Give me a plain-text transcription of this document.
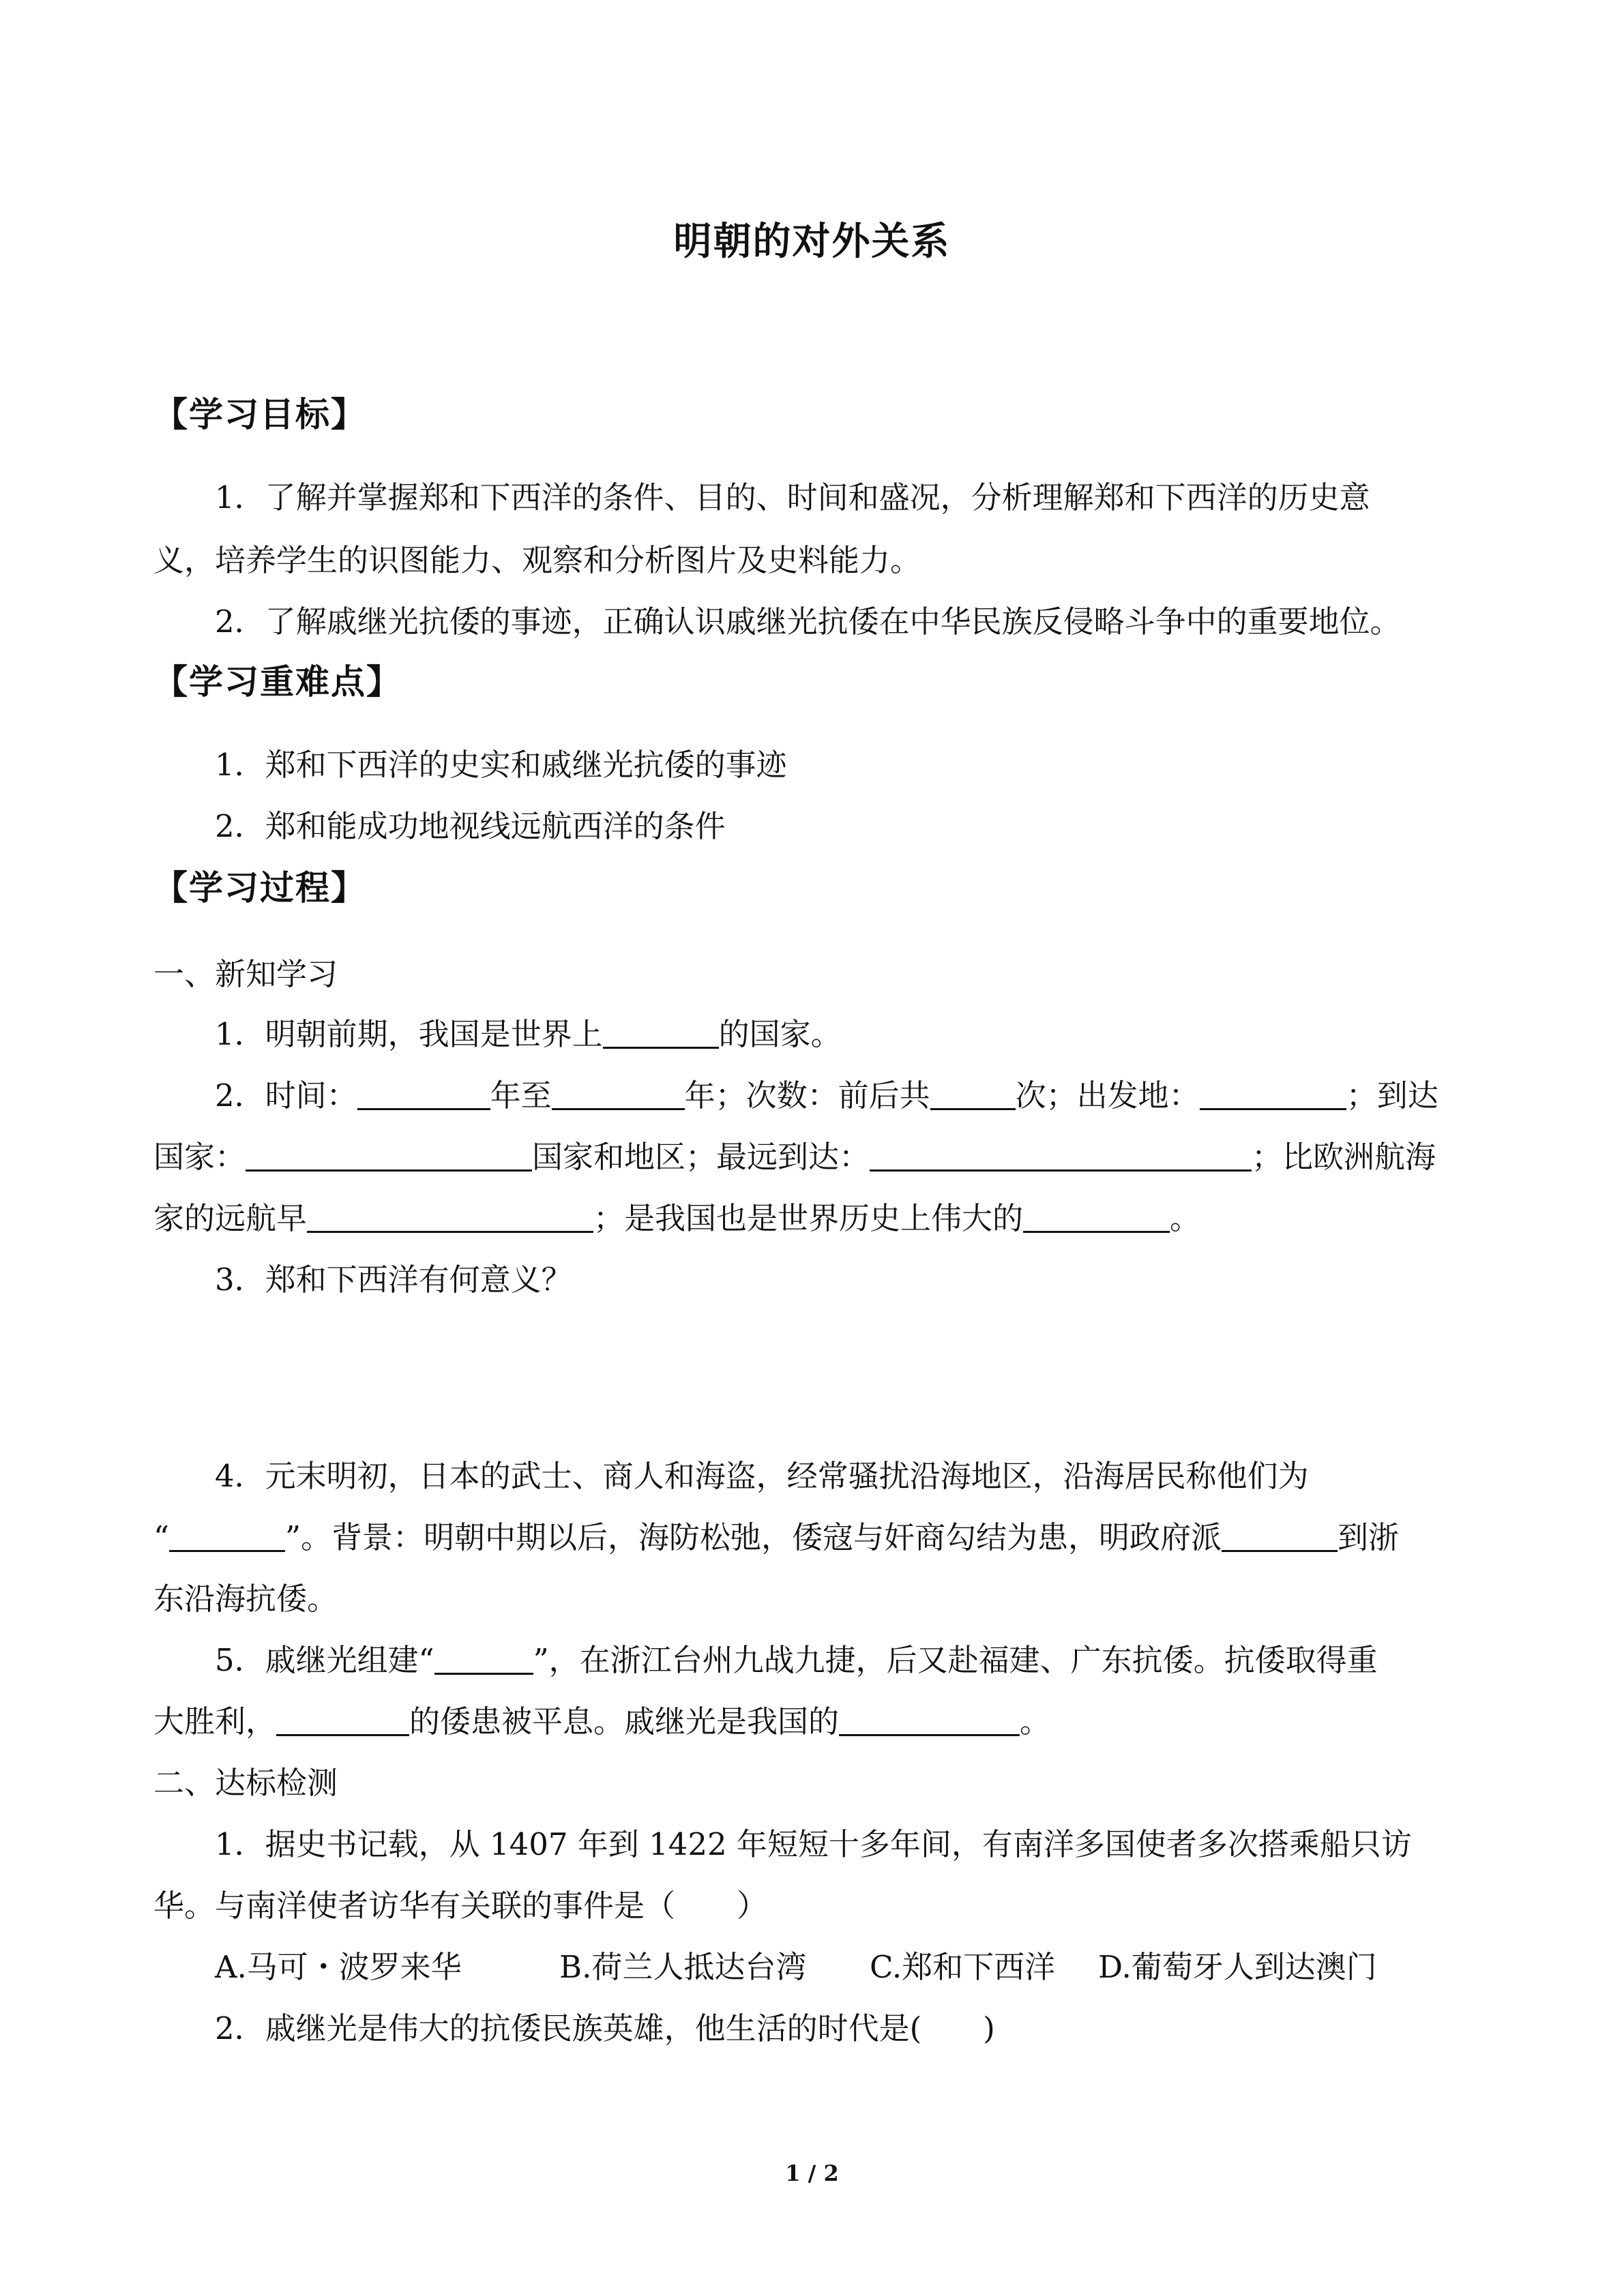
明朝的对外关系
【学习目标】
1．了解并掌握郑和下西洋的条件、目的、时间和盛况，分析理解郑和下西洋的历史意
义，培养学生的识图能力、观察和分析图片及史料能力。
2．了解戚继光抗倭的事迹，正确认识戚继光抗倭在中华民族反侵略斗争中的重要地位。
【学习重难点】
1．郑和下西洋的史实和戚继光抗倭的事迹
2．郑和能成功地视线远航西洋的条件
【学习过程】
一、新知学习
1．明朝前期，我国是世界上	的国家。
2．时间：	年至	年；次数：前后共	次；出发地：	；到达
国家：	国家和地区；最远到达：	；比欧洲航海
家的远航早	；是我国也是世界历史上伟大的	。
3．郑和下西洋有何意义？
4．元末明初，日本的武士、商人和海盗，经常骚扰沿海地区，沿海居民称他们为
“	”。背景：明朝中期以后，海防松弛，倭寇与奸商勾结为患，明政府派	到浙
东沿海抗倭。
5．戚继光组建“	”，在浙江台州九战九捷，后又赴福建、广东抗倭。抗倭取得重
大胜利，	的倭患被平息。戚继光是我国的	。
二、达标检测
1．据史书记载，从 1407 年到 1422 年短短十多年间，有南洋多国使者多次搭乘船只访
华。与南洋使者访华有关联的事件是（　　）
A.马可・波罗来华	B.荷兰人抵达台湾 C.郑和下西洋 D.葡萄牙人到达澳门
2．戚继光是伟大的抗倭民族英雄，他生活的时代是(　　)
1 / 2
